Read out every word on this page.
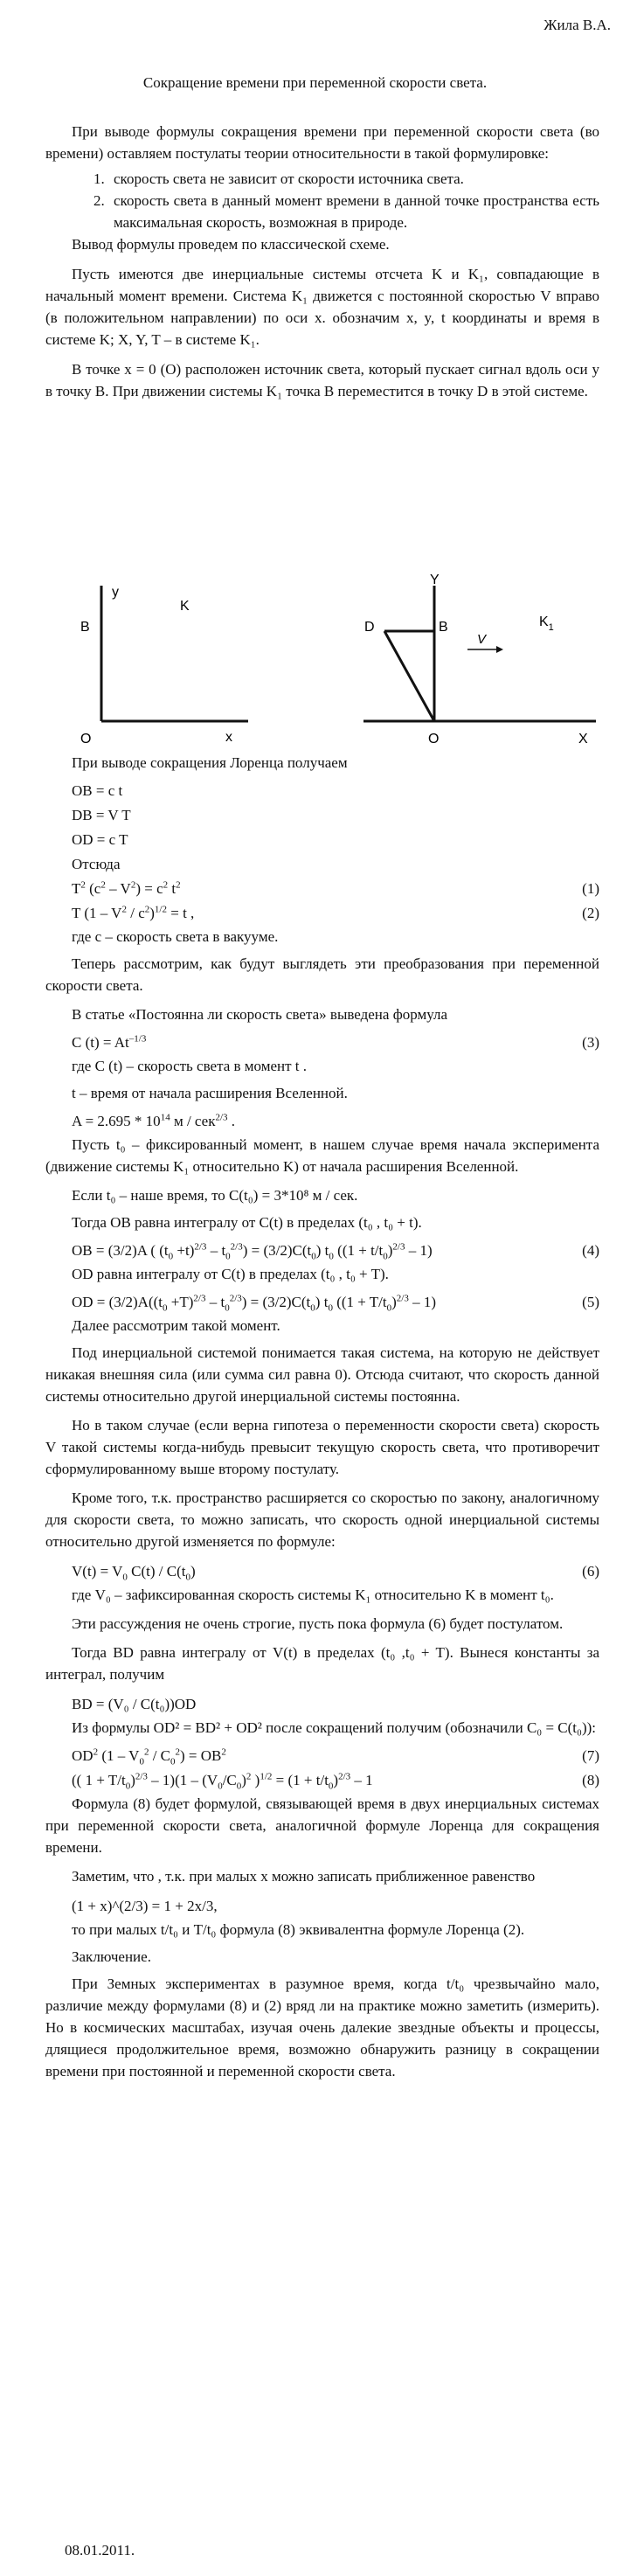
Жила В.А.
Сокращение времени при переменной скорости света.

При выводе формулы сокращения времени при переменной скорости света (во времени) оставляем постулаты теории относительности в такой формулировке:

1. скорость света не зависит от скорости источника света.
2. скорость света в данный момент времени в данной точке пространства есть максимальная скорость, возможная в природе.

Вывод формулы проведем по классической схеме.

Пусть имеются две инерциальные системы отсчета K и K₁, совпадающие в начальный момент времени. Система K₁ движется с постоянной скоростью V вправо (в положительном направлении) по оси x. обозначим x, y, t координаты и время в системе K; X, Y, T – в системе K₁.

В точке x = 0 (O) расположен источник света, который пускает сигнал вдоль оси y в точку B. При движении системы K₁ точка B переместится в точку D в этой системе.

y
B
K
O	x
Y
D	B
V
$K_1$
O	X
При выводе сокращения Лоренца получаем
OB = c t
DB = V T
OD = c T
Отсюда
$T^2$ $(c^2 - V^2) = c^2$ $t^2$	(1)
T $(1 - V^2 / c^2)^{1/2} = t$ ,	(2)
где c – скорость света в вакууме.
Теперь рассмотрим, как будут выглядеть эти преобразования при переменной скорости света.
В статье «Постоянна ли скорость света» выведена формула
C $(t) = At^{-1/3}$	(3)
где C (t) – скорость света в момент t .
t – время от начала расширения Вселенной.
$A = 2.695 * 10^{14}$ м / сек$^{2/3}$ .
Пусть t₀ – фиксированный момент, в нашем случае время начала эксперимента (движение системы K₁ относительно K) от начала расширения Вселенной.
Если t₀ – наше время, то C(t₀) = 3*10⁸ м / сек.
Тогда OB равна интегралу от C(t) в пределах (t₀ , t₀ + t).
OB = (3/2)A ( $(t_0 +t)^{2/3} - t_0^{2/3}) = (3/2)C(t_0)$ $t_0$ $((1 + t/t_0)^{2/3} - 1)$	(4)
OD равна интегралу от C(t) в пределах (t₀ , t₀ + T).
OD = $(3/2)A((t_0 +T)^{2/3} - t_0^{2/3}) = (3/2)C(t_0)$ $t_0$ $((1 + T/t_0)^{2/3} - 1)$	(5)
Далее рассмотрим такой момент.
Под инерциальной системой понимается такая система, на которую не действует никакая внешняя сила (или сумма сил равна 0). Отсюда считают, что скорость данной системы относительно другой инерциальной системы постоянна.
Но в таком случае (если верна гипотеза о переменности скорости света) скорость V такой системы когда-нибудь превысит текущую скорость света, что противоречит сформулированному выше второму постулату.
Кроме того, т.к. пространство расширяется со скоростью по закону, аналогичному для скорости света, то можно записать, что скорость одной инерциальной системы относительно другой изменяется по формуле:
$V(t) = V_0$ $C(t) / C(t_0)$	(6)
где V₀ – зафиксированная скорость системы K₁ относительно K в момент t₀.
Эти рассуждения не очень строгие, пусть пока формула (6) будет постулатом.
Тогда BD равна интегралу от V(t) в пределах (t₀ ,t₀ + T). Вынеся константы за интеграл, получим
BD = (V₀ / C(t₀))OD
Из формулы OD² = BD² + OD² после сокращений получим (обозначили C₀ = C(t₀)):
$OD^2$ $(1 - V_0^2 / C_0^2) = OB^2$	(7)
(( $1 + T/t_0)^{2/3} - 1)(1 - (V_0/C_0)^2$ )$^{1/2} = (1 + t/t_0)^{2/3} - 1$	(8)
Формула (8) будет формулой, связывающей время в двух инерциальных системах при переменной скорости света, аналогичной формуле Лоренца для сокращения времени.
Заметим, что , т.к. при малых x можно записать приближенное равенство
(1 + x)^(2/3) = 1 + 2x/3,
то при малых t/t₀ и T/t₀ формула (8) эквивалентна формуле Лоренца (2).
Заключение.
При Земных экспериментах в разумное время, когда t/t₀ чрезвычайно мало, различие между формулами (8) и (2) вряд ли на практике можно заметить (измерить). Но в космических масштабах, изучая очень далекие звездные объекты и процессы, длящиеся продолжительное время, возможно обнаружить разницу в сокращении времени при постоянной и переменной скорости света.
08.01.2011.
